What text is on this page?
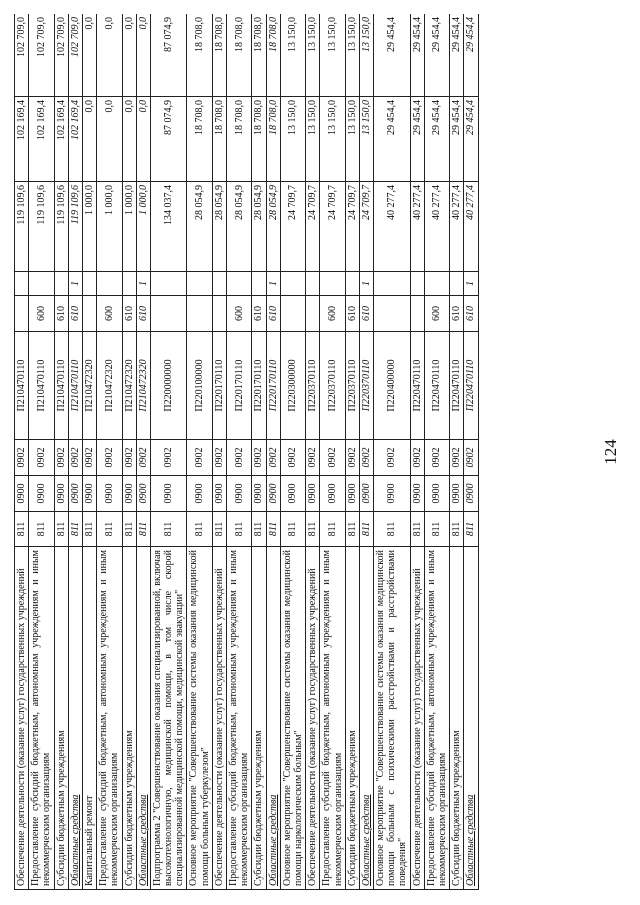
124
Обеспечение деятельности (оказание услуг) государственных учреждений	811	0900	0902	П210470110			119 109,6	102 169,4	102 709,0
Предоставление субсидий бюджетным, автономным учреждениям и иным некоммерческим организациям	811	0900	0902	П210470110	600		119 109,6	102 169,4	102 709,0
Субсидии бюджетным учреждениям	811	0900	0902	П210470110	610		119 109,6	102 169,4	102 709,0
Областные средства	811	0900	0902	П210470110	610	1	119 109,6	102 169,4	102 709,0
Капитальный ремонт	811	0900	0902	П210472320			1 000,0	0,0	0,0
Предоставление субсидий бюджетным, автономным учреждениям и иным некоммерческим организациям	811	0900	0902	П210472320	600		1 000,0	0,0	0,0
Субсидии бюджетным учреждениям	811	0900	0902	П210472320	610		1 000,0	0,0	0,0
Областные средства	811	0900	0902	П210472320	610	1	1 000,0	0,0	0,0
Подпрограмма 2 "Совершенствование оказания специализированной, включая высокотехнологичную, медицинской помощи, в том числе скорой специализированной медицинской помощи, медицинской эвакуации"	811	0900	0902	П220000000			134 037,4	87 074,9	87 074,9
Основное мероприятие "Совершенствование системы оказания медицинской помощи больным туберкулезом"	811	0900	0902	П220100000			28 054,9	18 708,0	18 708,0
Обеспечение деятельности (оказание услуг) государственных учреждений	811	0900	0902	П220170110			28 054,9	18 708,0	18 708,0
Предоставление субсидий бюджетным, автономным учреждениям и иным некоммерческим организациям	811	0900	0902	П220170110	600		28 054,9	18 708,0	18 708,0
Субсидии бюджетным учреждениям	811	0900	0902	П220170110	610		28 054,9	18 708,0	18 708,0
Областные средства	811	0900	0902	П220170110	610	1	28 054,9	18 708,0	18 708,0
Основное мероприятие "Совершенствование системы оказания медицинской помощи наркологическим больным"	811	0900	0902	П220300000			24 709,7	13 150,0	13 150,0
Обеспечение деятельности (оказание услуг) государственных учреждений	811	0900	0902	П220370110			24 709,7	13 150,0	13 150,0
Предоставление субсидий бюджетным, автономным учреждениям и иным некоммерческим организациям	811	0900	0902	П220370110	600		24 709,7	13 150,0	13 150,0
Субсидии бюджетным учреждениям	811	0900	0902	П220370110	610		24 709,7	13 150,0	13 150,0
Областные средства	811	0900	0902	П220370110	610	1	24 709,7	13 150,0	13 150,0
Основное мероприятие "Совершенствование системы оказания медицинской помощи больным с психическими расстройствами и расстройствами поведения"	811	0900	0902	П220400000			40 277,4	29 454,4	29 454,4
Обеспечение деятельности (оказание услуг) государственных учреждений	811	0900	0902	П220470110			40 277,4	29 454,4	29 454,4
Предоставление субсидий бюджетным, автономным учреждениям и иным некоммерческим организациям	811	0900	0902	П220470110	600		40 277,4	29 454,4	29 454,4
Субсидии бюджетным учреждениям	811	0900	0902	П220470110	610		40 277,4	29 454,4	29 454,4
Областные средства	811	0900	0902	П220470110	610	1	40 277,4	29 454,4	29 454,4
